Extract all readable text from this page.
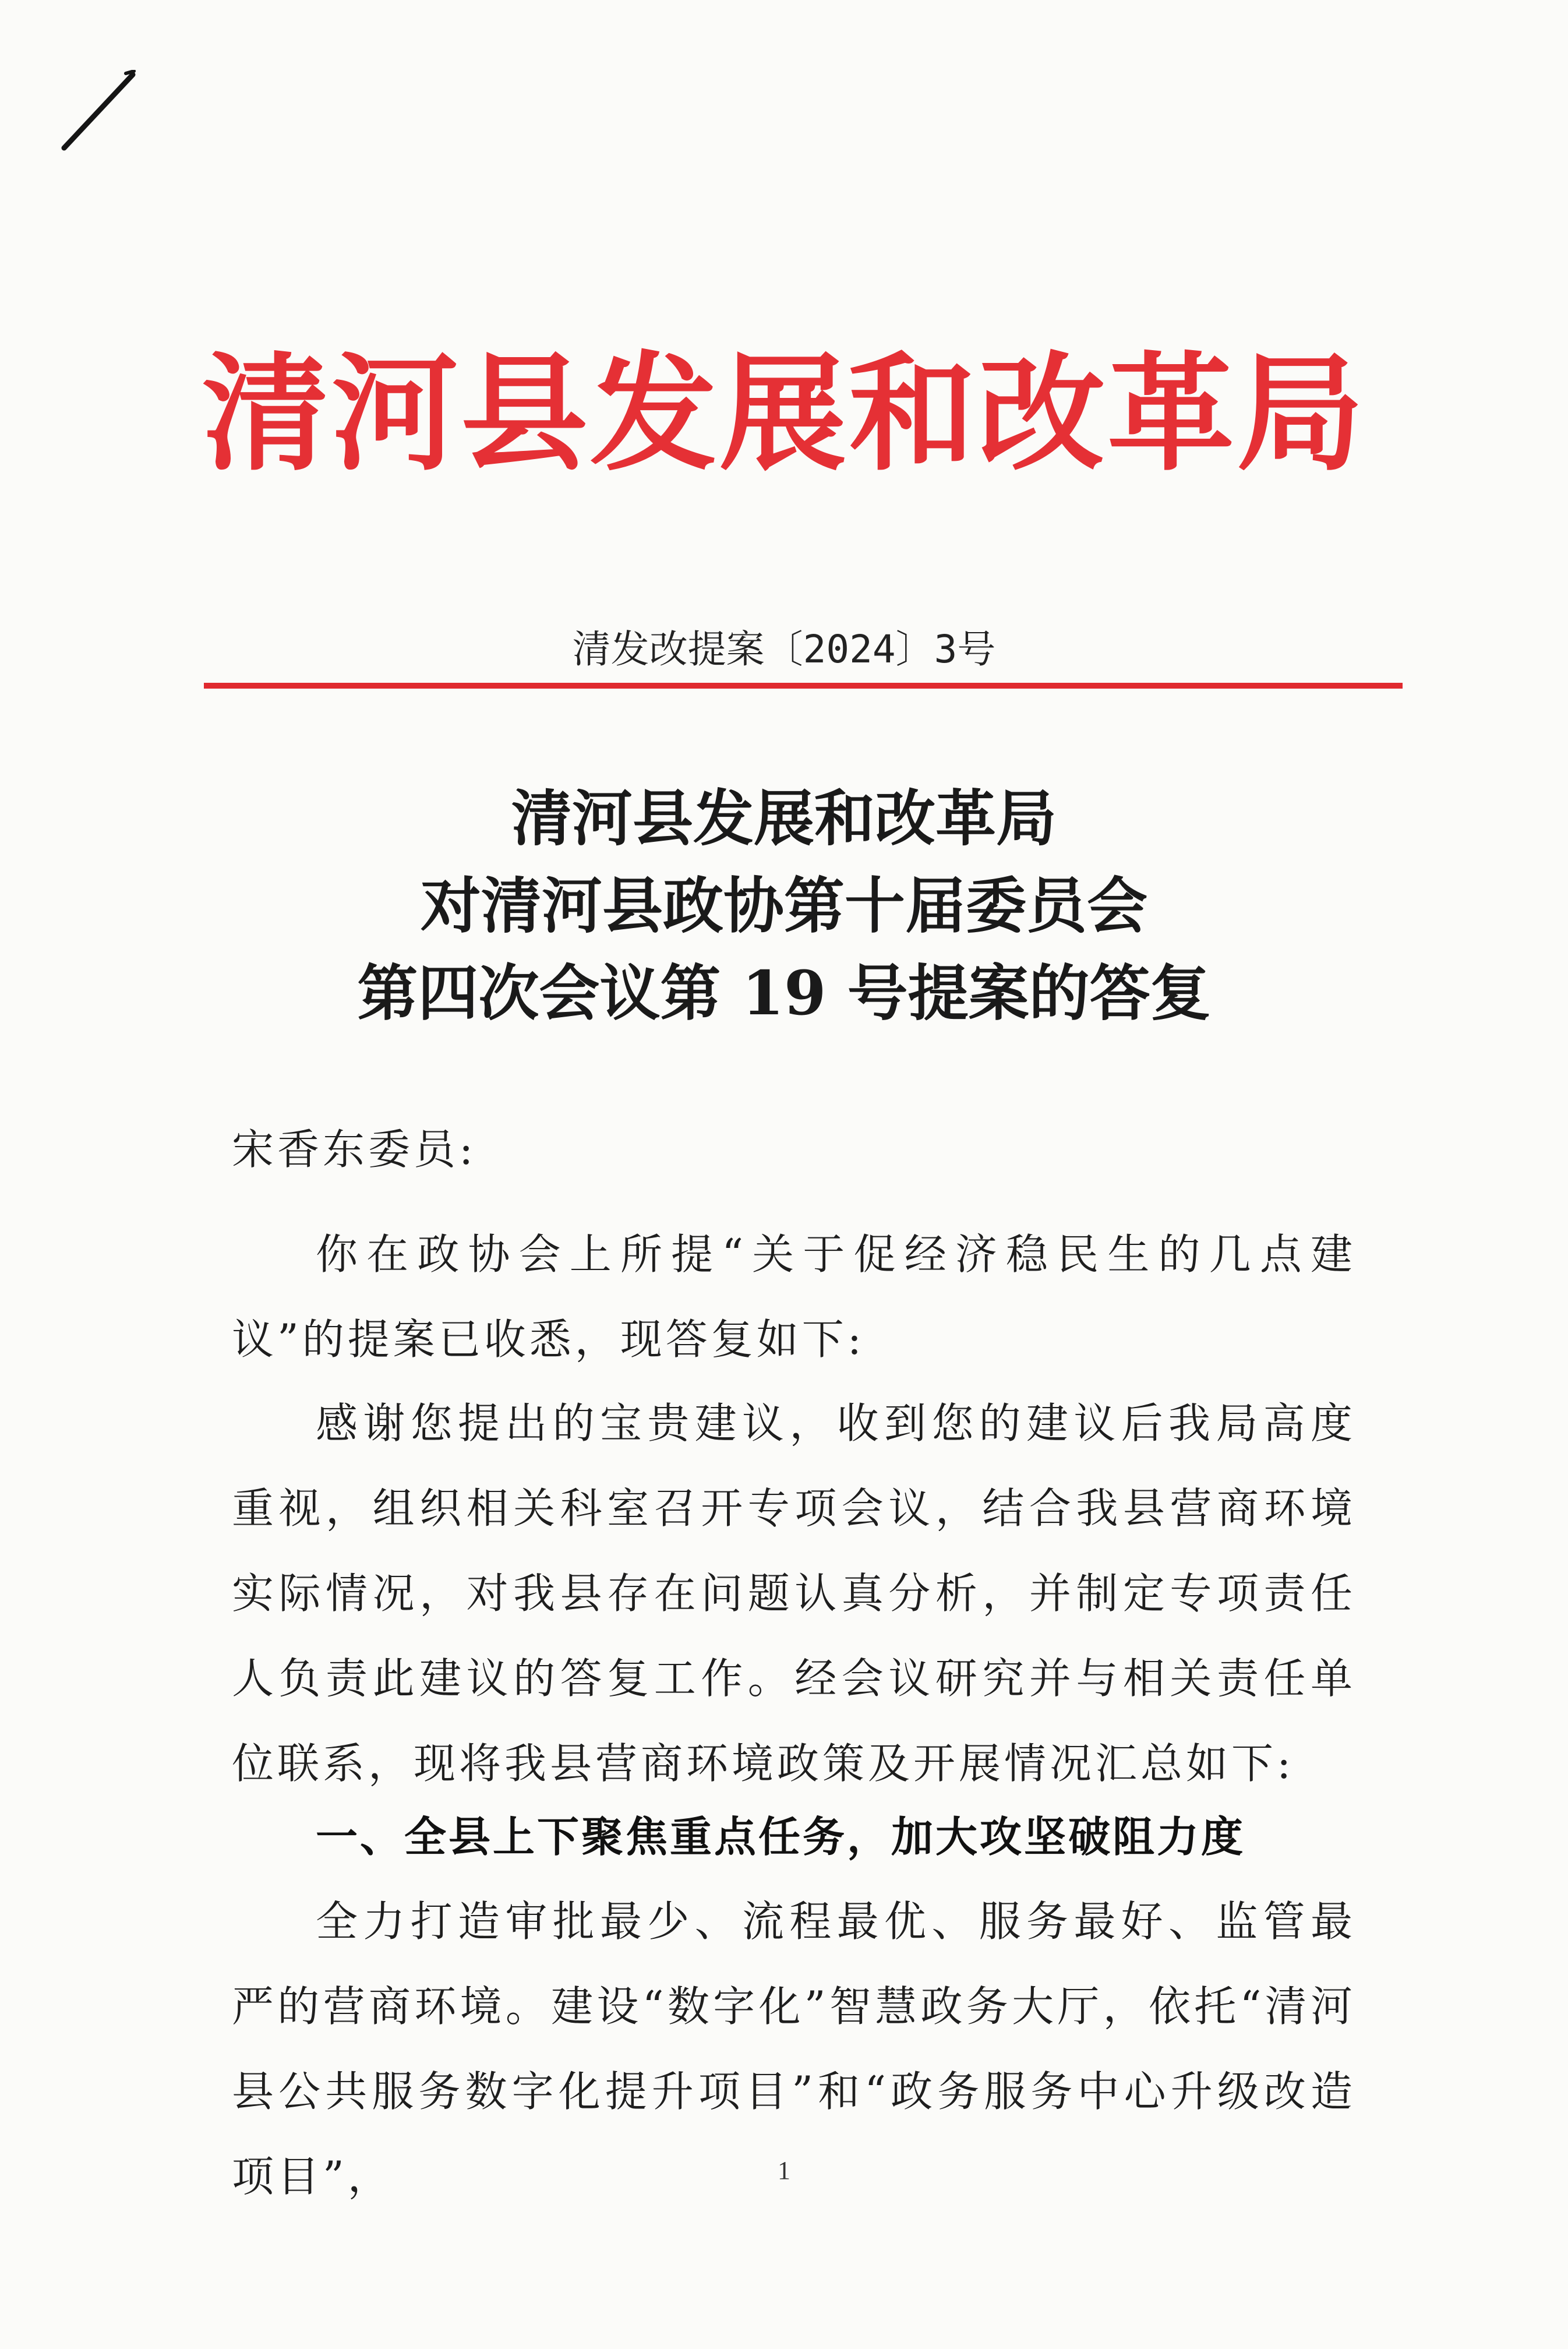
清河县发展和改革局
清发改提案〔2024〕3号
清河县发展和改革局
对清河县政协第十届委员会
第四次会议第 19 号提案的答复
宋香东委员:
你在政协会上所提“关于促经济稳民生的几点建议”的提案已收悉，现答复如下:
感谢您提出的宝贵建议，收到您的建议后我局高度重视，组织相关科室召开专项会议，结合我县营商环境实际情况，对我县存在问题认真分析，并制定专项责任人负责此建议的答复工作。经会议研究并与相关责任单位联系，现将我县营商环境政策及开展情况汇总如下:
一、全县上下聚焦重点任务，加大攻坚破阻力度
全力打造审批最少、流程最优、服务最好、监管最严的营商环境。建设“数字化”智慧政务大厅，依托“清河县公共服务数字化提升项目”和“政务服务中心升级改造项目”，	1
